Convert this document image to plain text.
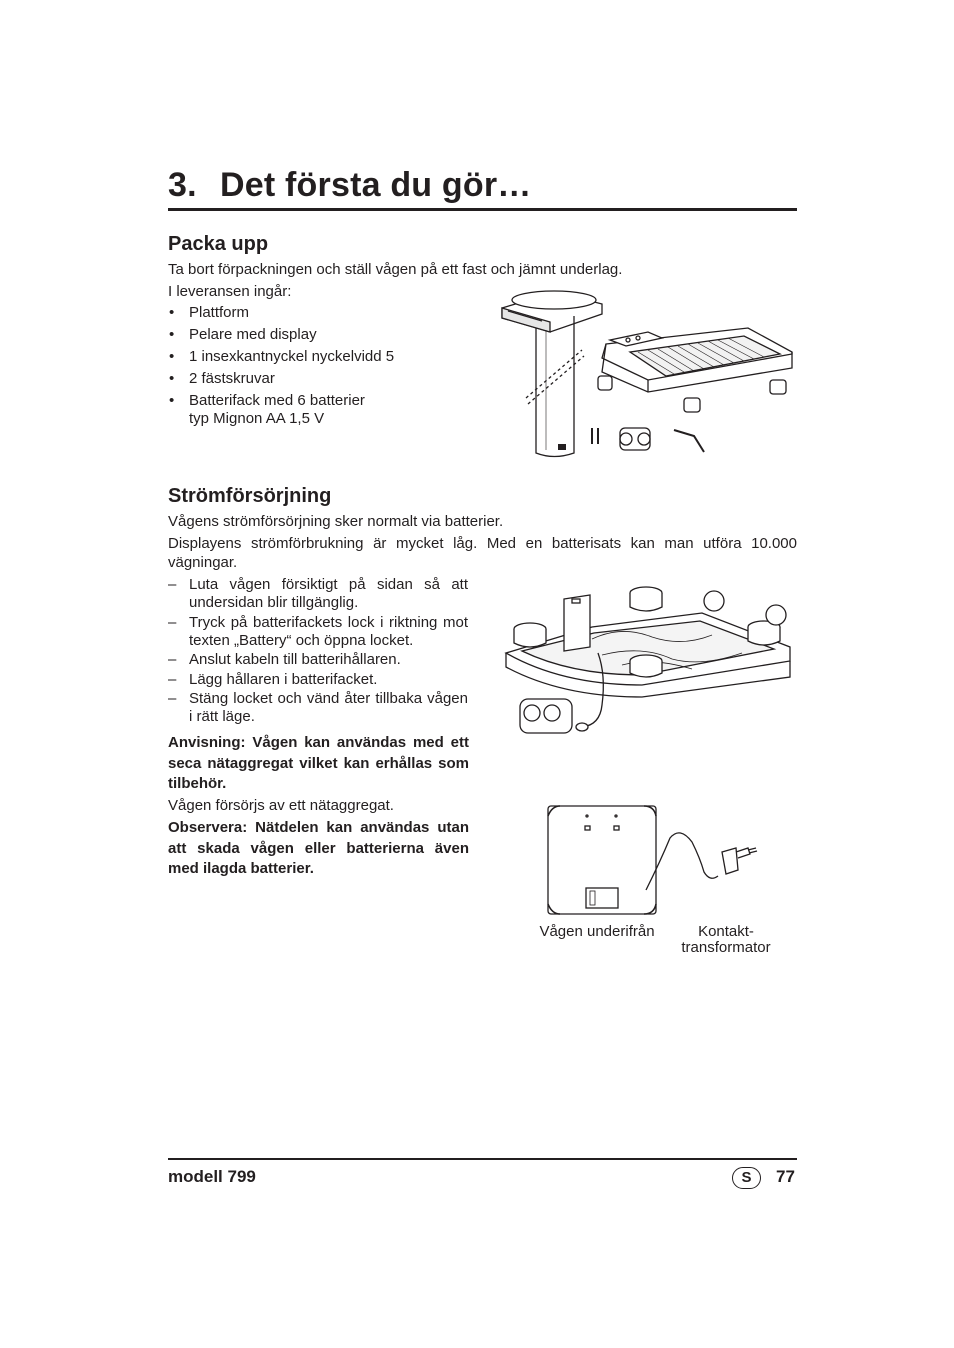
3. Det första du gör…
Packa upp
Ta bort förpackningen och ställ vågen på ett fast och jämnt underlag.
I leveransen ingår:
• Plattform
• Pelare med display
• 1 insexkantnyckel nyckelvidd 5
• 2 fästskruvar
• Batterifack med 6 batterier
typ Mignon AA 1,5 V
Strömförsörjning
Vågens strömförsörjning sker normalt via batterier.
Displayens strömförbrukning är mycket låg. Med en batterisats kan man utföra 10.000 vägningar.
– Luta vågen försiktigt på sidan så att undersidan blir tillgänglig.
– Tryck på batterifackets lock i riktning mot texten „Battery“ och öppna locket.
– Anslut kabeln till batterihållaren.
– Lägg hållaren i batterifacket.
– Stäng locket och vänd åter tillbaka vågen i rätt läge.
Anvisning: Vågen kan användas med ett seca nätaggregat vilket kan erhållas som tilbehör.
Vågen försörjs av ett nätaggregat.
Observera: Nätdelen kan användas utan att skada vågen eller batterierna även med ilagda batterier.
Vågen underifrån	Kontakt-
transformator
modell 799	S	77
